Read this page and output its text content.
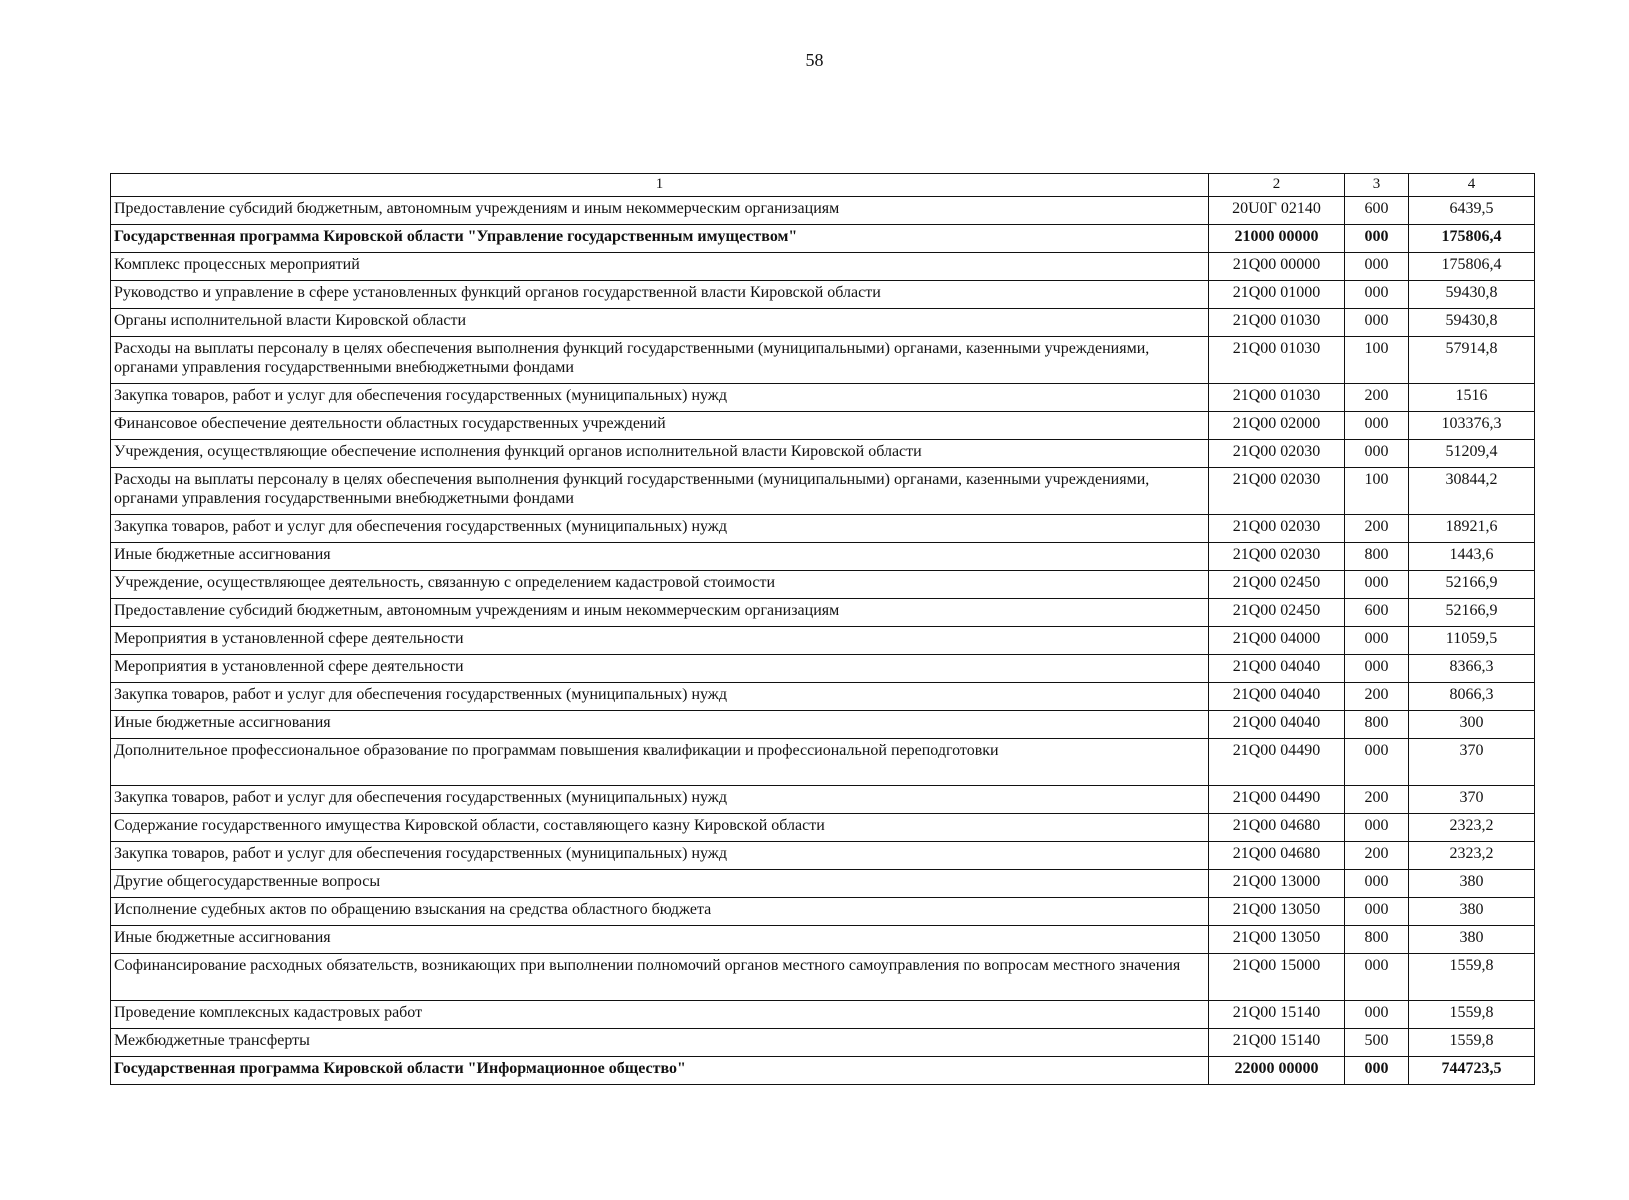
58
1	2	3	4
Предоставление субсидий бюджетным, автономным учреждениям и иным некоммерческим организациям	20U0Г 02140	600	6439,5
Государственная программа Кировской области "Управление государственным имуществом"	21000 00000	000	175806,4
Комплекс процессных мероприятий	21Q00 00000	000	175806,4
Руководство и управление в сфере установленных функций органов государственной власти Кировской области	21Q00 01000	000	59430,8
Органы исполнительной власти Кировской области	21Q00 01030	000	59430,8
Расходы на выплаты персоналу в целях обеспечения выполнения функций государственными (муниципальными) органами, казенными учреждениями, органами управления государственными внебюджетными фондами	21Q00 01030	100	57914,8
Закупка товаров, работ и услуг для обеспечения государственных (муниципальных) нужд	21Q00 01030	200	1516
Финансовое обеспечение деятельности областных государственных учреждений	21Q00 02000	000	103376,3
Учреждения, осуществляющие обеспечение исполнения функций органов исполнительной власти Кировской области	21Q00 02030	000	51209,4
Расходы на выплаты персоналу в целях обеспечения выполнения функций государственными (муниципальными) органами, казенными учреждениями, органами управления государственными внебюджетными фондами	21Q00 02030	100	30844,2
Закупка товаров, работ и услуг для обеспечения государственных (муниципальных) нужд	21Q00 02030	200	18921,6
Иные бюджетные ассигнования	21Q00 02030	800	1443,6
Учреждение, осуществляющее деятельность, связанную с определением кадастровой стоимости	21Q00 02450	000	52166,9
Предоставление субсидий бюджетным, автономным учреждениям и иным некоммерческим организациям	21Q00 02450	600	52166,9
Мероприятия в установленной сфере деятельности	21Q00 04000	000	11059,5
Мероприятия в установленной сфере деятельности	21Q00 04040	000	8366,3
Закупка товаров, работ и услуг для обеспечения государственных (муниципальных) нужд	21Q00 04040	200	8066,3
Иные бюджетные ассигнования	21Q00 04040	800	300
Дополнительное профессиональное образование по программам повышения квалификации и профессиональной переподготовки	21Q00 04490	000	370
Закупка товаров, работ и услуг для обеспечения государственных (муниципальных) нужд	21Q00 04490	200	370
Содержание государственного имущества Кировской области, составляющего казну Кировской области	21Q00 04680	000	2323,2
Закупка товаров, работ и услуг для обеспечения государственных (муниципальных) нужд	21Q00 04680	200	2323,2
Другие общегосударственные вопросы	21Q00 13000	000	380
Исполнение судебных актов по обращению взыскания на средства областного бюджета	21Q00 13050	000	380
Иные бюджетные ассигнования	21Q00 13050	800	380
Софинансирование расходных обязательств, возникающих при выполнении полномочий органов местного самоуправления по вопросам местного значения	21Q00 15000	000	1559,8
Проведение комплексных кадастровых работ	21Q00 15140	000	1559,8
Межбюджетные трансферты	21Q00 15140	500	1559,8
Государственная программа Кировской области "Информационное общество"	22000 00000	000	744723,5
